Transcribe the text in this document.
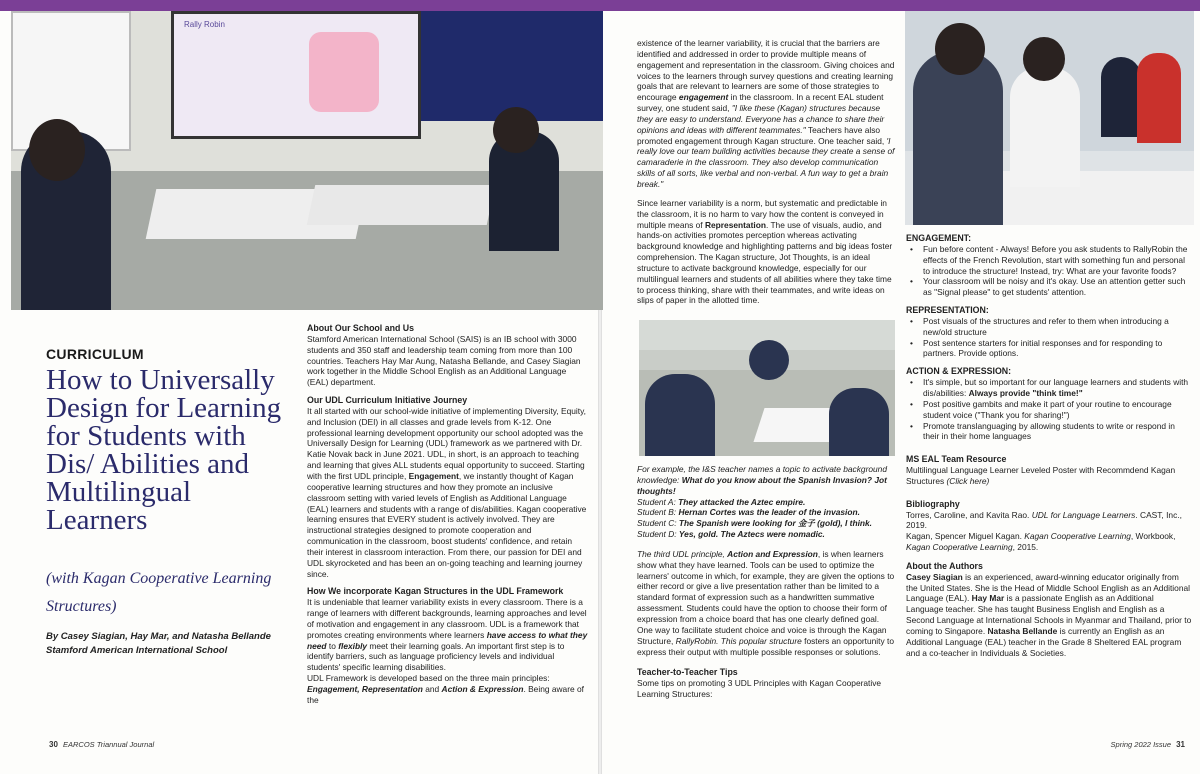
Rally Robin
CURRICULUM
How to Universally Design for Learning for Students with Dis/ Abilities and Multilingual Learners
(with Kagan Cooperative Learning Structures)
By Casey Siagian, Hay Mar, and Natasha Bellande
Stamford American International School

About Our School and Us

Stamford American International School (SAIS) is an IB school with 3000 students and 350 staff and leadership team coming from more than 100 countries. Teachers Hay Mar Aung, Natasha Bellande, and Casey Siagian work together in the Middle School English as an Additional Language (EAL) department.

Our UDL Curriculum Initiative Journey

It all started with our school-wide initiative of implementing Diversity, Equity, and Inclusion (DEI) in all classes and grade levels from K-12. One professional learning development opportunity our school adopted was the Universally Design for Learning (UDL) framework as we partnered with Dr. Katie Novak back in June 2021. UDL, in short, is an approach to teaching and learning that gives ALL students equal opportunity to succeed. Starting with the first UDL principle, Engagement, we instantly thought of Kagan cooperative learning structures and how they promote an inclusive classroom setting with varied levels of English as Additional Language (EAL) learners and students with a range of dis/abilities. Kagan cooperative learning ensures that EVERY student is actively involved. They are instructional strategies designed to promote cooperation and communication in the classroom, boost students' confidence, and retain their interest in classroom interaction. From there, our passion for DEI and UDL skyrocketed and has been an on-going teaching and learning journey since.

How We incorporate Kagan Structures in the UDL Framework

It is undeniable that learner variability exists in every classroom. There is a range of learners with different backgrounds, learning approaches and level of motivation and engagement in any classroom. UDL is a framework that promotes creating environments where learners have access to what they need to flexibly meet their learning goals. An important first step is to identify barriers, such as language proficiency levels and individual students' specific learning disabilities.

UDL Framework is developed based on the three main principles: Engagement, Representation and Action & Expression. Being aware of the

existence of the learner variability, it is crucial that the barriers are identified and addressed in order to provide multiple means of engagement and representation in the classroom. Giving choices and voices to the learners through survey questions and creating learning goals that are relevant to learners are some of those strategies to encourage engagement in the classroom. In a recent EAL student survey, one student said, "I like these (Kagan) structures because they are easy to understand. Everyone has a chance to share their opinions and ideas with different teammates." Teachers have also promoted engagement through Kagan structure. One teacher said, 'I really love our team building activities because they create a sense of camaraderie in the classroom. They also develop communication skills of all sorts, like verbal and non-verbal. A fun way to get a brain break."

Since learner variability is a norm, but systematic and predictable in the classroom, it is no harm to vary how the content is conveyed in multiple means of Representation. The use of visuals, audio, and hands-on activities promotes perception whereas activating background knowledge and highlighting patterns and big ideas foster comprehension. The Kagan structure, Jot Thoughts, is an ideal structure to activate background knowledge, especially for our multilingual learners and students of all abilities where they take time to process thinking, share with their teammates, and write ideas on slips of paper in the allotted time.

For example, the I&S teacher names a topic to activate background knowledge: What do you know about the Spanish Invasion? Jot thoughts!

Student A: They attacked the Aztec empire.

Student B: Hernan Cortes was the leader of the invasion.

Student C: The Spanish were looking for 金子 (gold), I think.

Student D: Yes, gold. The Aztecs were nomadic.

The third UDL principle, Action and Expression, is when learners show what they have learned. Tools can be used to optimize the learners' outcome in which, for example, they are given the options to either record or give a live presentation rather than be limited to a standard format of expression such as a handwritten summative assessment. Students could have the option to choose their form of expression from a choice board that has one clearly defined goal. One way to facilitate student choice and voice is through the Kagan Structure, RallyRobin. This popular structure fosters an opportunity to express their output with multiple possible responses or solutions.

Teacher-to-Teacher Tips

Some tips on promoting 3 UDL Principles with Kagan Cooperative Learning Structures:

ENGAGEMENT:

• Fun before content - Always! Before you ask students to RallyRobin the effects of the French Revolution, start with something fun and personal to introduce the structure! Instead, try: What are your favorite foods?
• Your classroom will be noisy and it's okay. Use an attention getter such as "Signal please" to get students' attention.

REPRESENTATION:

• Post visuals of the structures and refer to them when introducing a new/old structure
• Post sentence starters for initial responses and for responding to partners. Provide options.

ACTION & EXPRESSION:

• It's simple, but so important for our language learners and students with dis/abilities: Always provide "think time!"
• Post positive gambits and make it part of your routine to encourage student voice ("Thank you for sharing!")
• Promote translanguaging by allowing students to write or respond in their in their home languages

MS EAL Team Resource

Multilingual Language Learner Leveled Poster with Recommdend Kagan Structures (Click here)

Bibliography

Torres, Caroline, and Kavita Rao. UDL for Language Learners. CAST, Inc., 2019.

Kagan, Spencer Miguel Kagan. Kagan Cooperative Learning, Workbook, Kagan Cooperative Learning, 2015.

About the Authors

Casey Siagian is an experienced, award-winning educator originally from the United States. She is the Head of Middle School English as an Additional Language (EAL). Hay Mar is a passionate English as an Additional Language teacher. She has taught Business English and English as a Second Language at International Schools in Myanmar and Thailand, prior to coming to Singapore. Natasha Bellande is currently an English as an Additional Language (EAL) teacher in the Grade 8 Sheltered EAL program and a co-teacher in Individuals & Societies.

30 EARCOS Triannual Journal	Spring 2022 Issue 31
